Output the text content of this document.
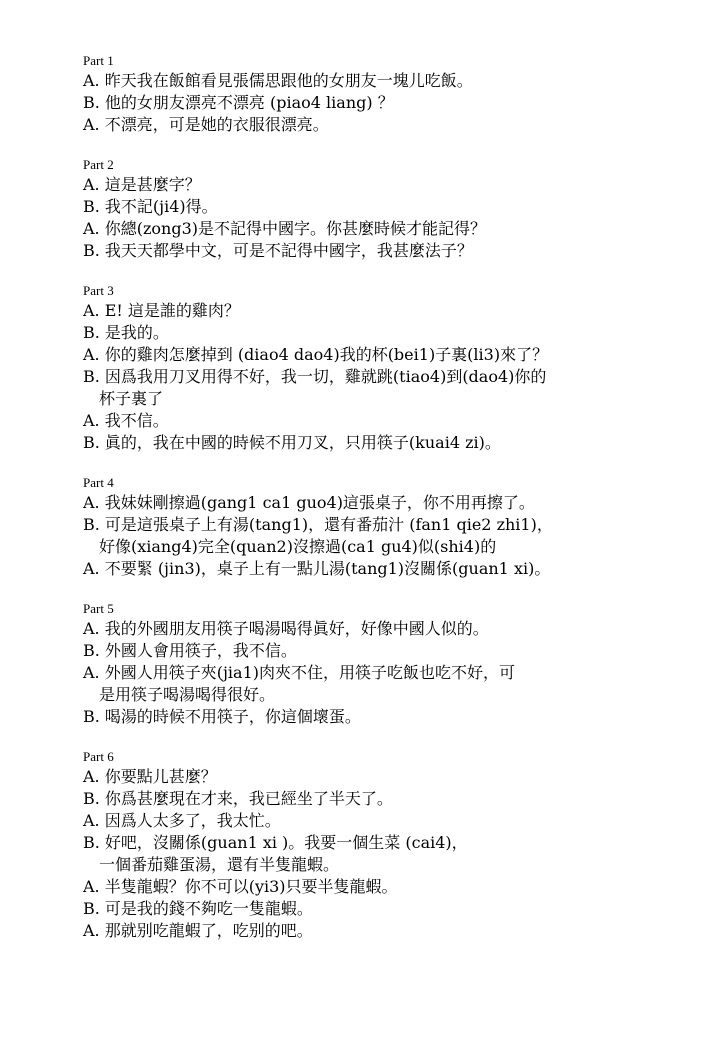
Part 1
A. 昨天我在飯館看見張儒思跟他的女朋友一塊儿吃飯。
B. 他的女朋友漂亮不漂亮 (piao4 liang) ？
A. 不漂亮，可是她的衣服很漂亮。
Part 2
A. 這是甚麼字？
B. 我不記(ji4)得。
A. 你總(zong3)是不記得中國字。你甚麼時候才能記得？
B. 我天天都學中文，可是不記得中國字，我甚麼法子？
Part 3
A. E! 這是誰的雞肉？
B. 是我的。
A. 你的雞肉怎麼掉到 (diao4 dao4)我的杯(bei1)子裏(li3)來了？
B. 因爲我用刀叉用得不好，我一切，雞就跳(tiao4)到(dao4)你的
杯子裏了
A. 我不信。
B. 眞的，我在中國的時候不用刀叉，只用筷子(kuai4 zi)。
Part 4
A. 我妹妹剛擦過(gang1 ca1 guo4)這張桌子，你不用再擦了。
B. 可是這張桌子上有湯(tang1)，還有番茄汁 (fan1 qie2 zhi1)，
好像(xiang4)完全(quan2)沒擦過(ca1 gu4)似(shi4)的
A. 不要緊 (jin3)，桌子上有一點儿湯(tang1)沒關係(guan1 xi)。
Part 5
A. 我的外國朋友用筷子喝湯喝得眞好，好像中國人似的。
B. 外國人會用筷子，我不信。
A. 外國人用筷子夾(jia1)肉夾不住，用筷子吃飯也吃不好，可
是用筷子喝湯喝得很好。
B. 喝湯的時候不用筷子，你這個壞蛋。
Part 6
A. 你要點儿甚麼？
B. 你爲甚麼現在才来，我已經坐了半天了。
A. 因爲人太多了，我太忙。
B. 好吧，沒關係(guan1 xi )。我要一個生菜 (cai4)，
一個番茄雞蛋湯，還有半隻龍蝦。
A. 半隻龍蝦？你不可以(yi3)只要半隻龍蝦。
B. 可是我的錢不夠吃一隻龍蝦。
A. 那就别吃龍蝦了，吃别的吧。
